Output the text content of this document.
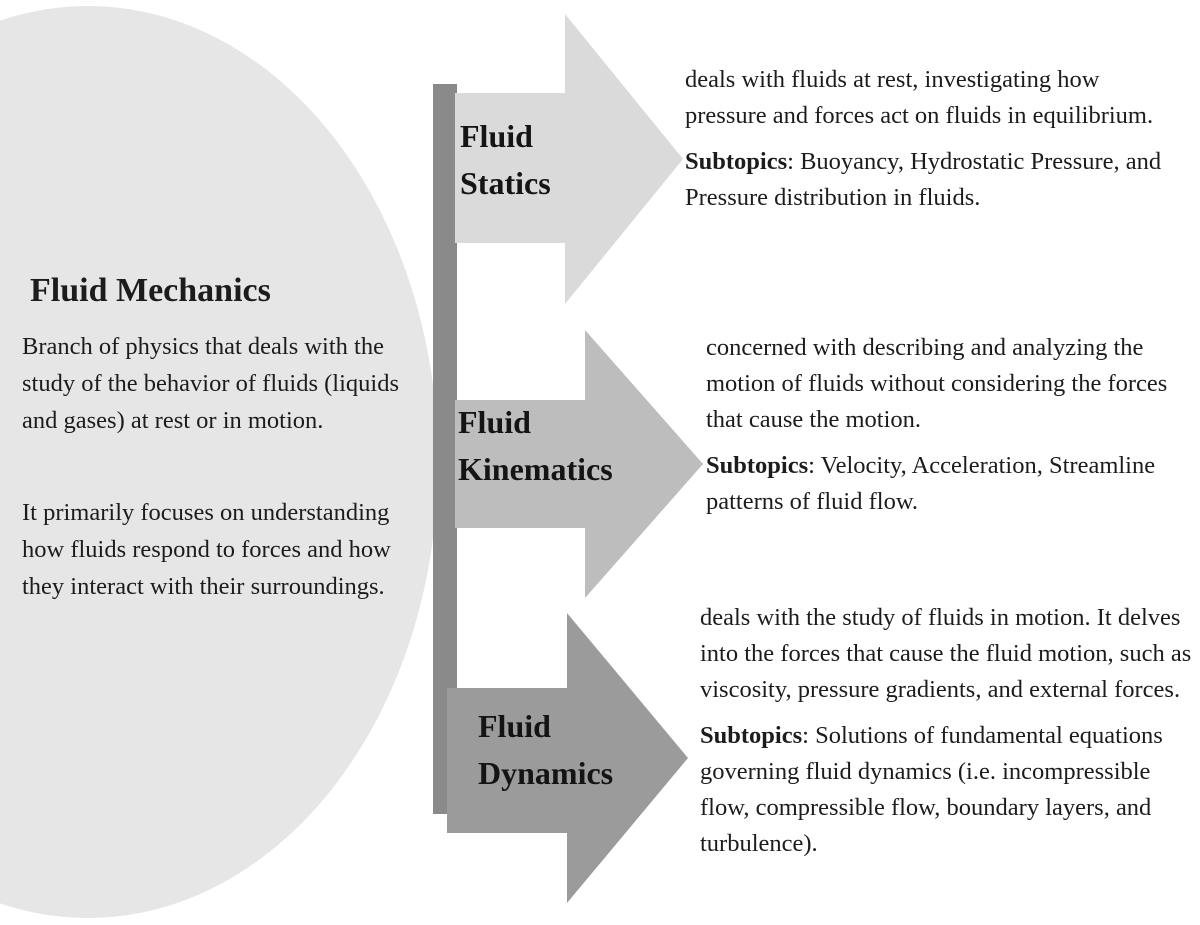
Fluid Mechanics
Branch of physics that deals with the study of the behavior of fluids (liquids and gases) at rest or in motion.
It primarily focuses on understanding how fluids respond to forces and how they interact with their surroundings.
Fluid Statics
Fluid Kinematics
Fluid Dynamics

deals with fluids at rest, investigating how pressure and forces act on fluids in equilibrium.

Subtopics: Buoyancy, Hydrostatic Pressure, and Pressure distribution in fluids.

concerned with describing and analyzing the motion of fluids without considering the forces that cause the motion.

Subtopics: Velocity, Acceleration, Streamline patterns of fluid flow.

deals with the study of fluids in motion. It delves into the forces that cause the fluid motion, such as viscosity, pressure gradients, and external forces.

Subtopics: Solutions of fundamental equations governing fluid dynamics (i.e. incompressible flow, compressible flow, boundary layers, and turbulence).
